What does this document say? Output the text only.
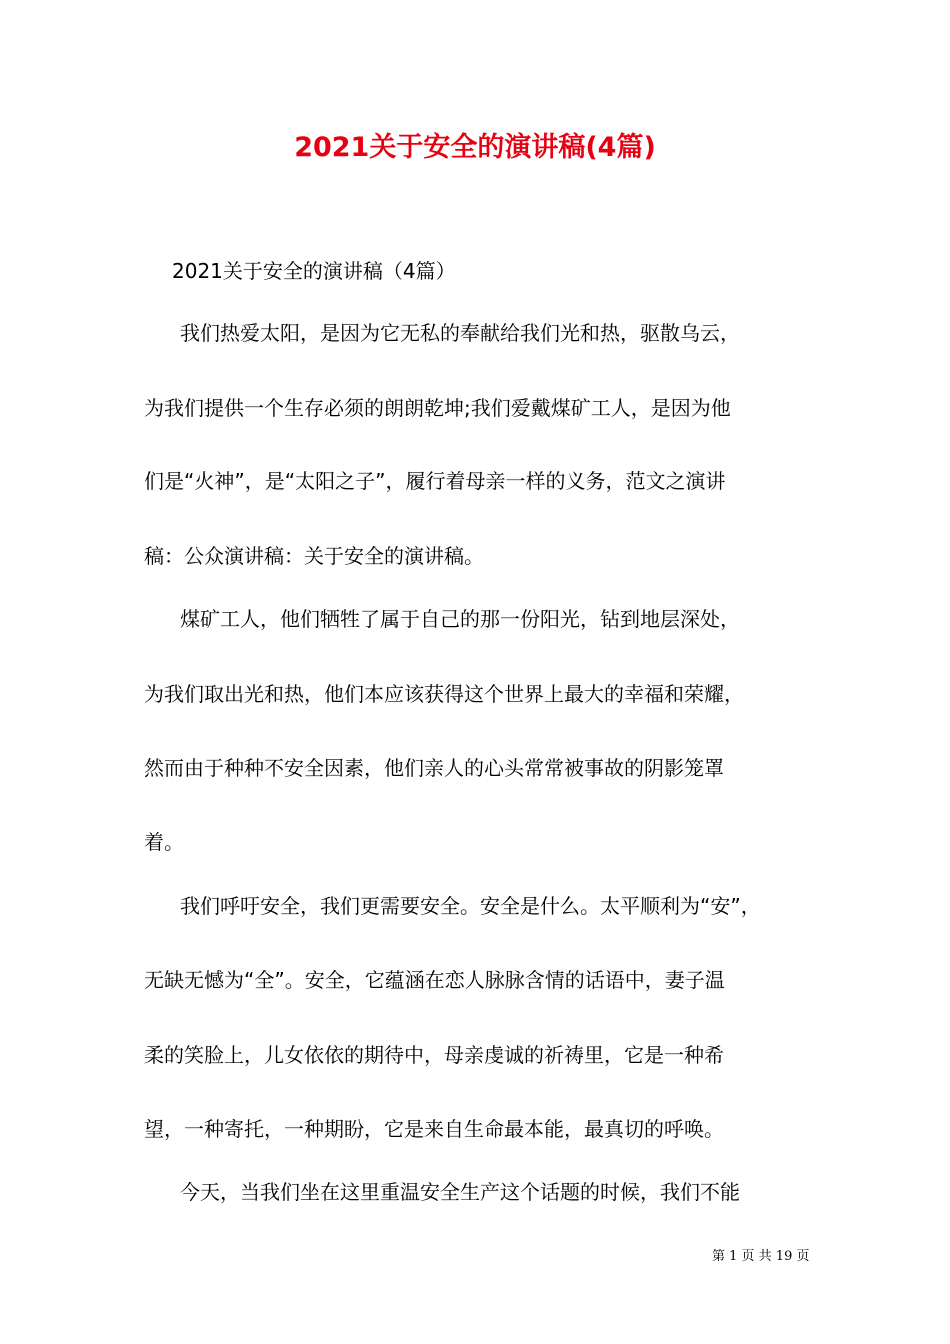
2021关于安全的演讲稿(4篇)
2021关于安全的演讲稿（4篇）
我们热爱太阳，是因为它无私的奉献给我们光和热，驱散乌云，
为我们提供一个生存必须的朗朗乾坤;我们爱戴煤矿工人，是因为他
们是“火神”，是“太阳之子”，履行着母亲一样的义务，范文之演讲
稿：公众演讲稿：关于安全的演讲稿。
煤矿工人，他们牺牲了属于自己的那一份阳光，钻到地层深处，
为我们取出光和热，他们本应该获得这个世界上最大的幸福和荣耀，
然而由于种种不安全因素，他们亲人的心头常常被事故的阴影笼罩
着。
我们呼吁安全，我们更需要安全。安全是什么。太平顺利为“安”，
无缺无憾为“全”。安全，它蕴涵在恋人脉脉含情的话语中，妻子温
柔的笑脸上，儿女依依的期待中，母亲虔诚的祈祷里，它是一种希
望，一种寄托，一种期盼，它是来自生命最本能，最真切的呼唤。
今天，当我们坐在这里重温安全生产这个话题的时候，我们不能
第 1 页 共 19 页
